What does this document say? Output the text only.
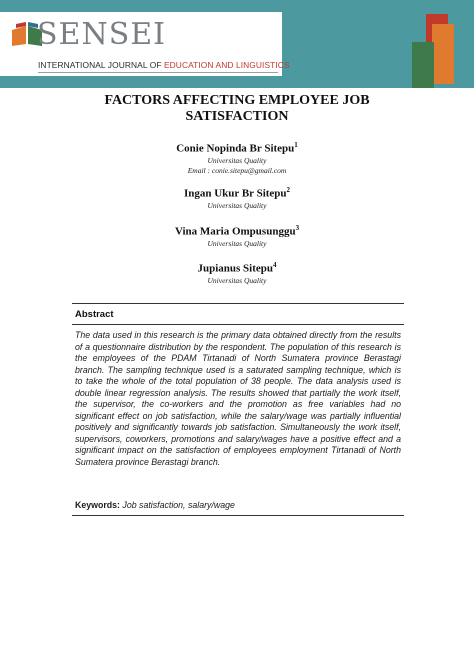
SENSEI
INTERNATIONAL JOURNAL OF EDUCATION AND LINGUISTICS
FACTORS AFFECTING EMPLOYEE JOB
SATISFACTION
Conie Nopinda Br Sitepu$^1$
Universitas Quality
Email : conie.sitepu@gmail.com
Ingan Ukur Br Sitepu$^2$
Universitas Quality
Vina Maria Ompusunggu$^3$
Universitas Quality
Jupianus Sitepu$^4$
Universitas Quality
Abstract

The data used in this research is the primary data obtained directly from the results of a questionnaire distribution by the respondent. The population of this research is the employees of the PDAM Tirtanadi of North Sumatera province Berastagi branch. The sampling technique used is a saturated sampling technique, which is to take the whole of the total population of 38 people. The data analysis used is double linear regression analysis. The results showed that partially the work itself, the supervisor, the co-workers and the promotion as free variables had no significant effect on job satisfaction, while the salary/wage was partially influential positively and significantly towards job satisfaction. Simultaneously the work itself, supervisors, coworkers, promotions and salary/wages have a positive effect and a significant impact on the satisfaction of employees employment Tirtanadi of North Sumatera province Berastagi branch.

Keywords: Job satisfaction, salary/wage
